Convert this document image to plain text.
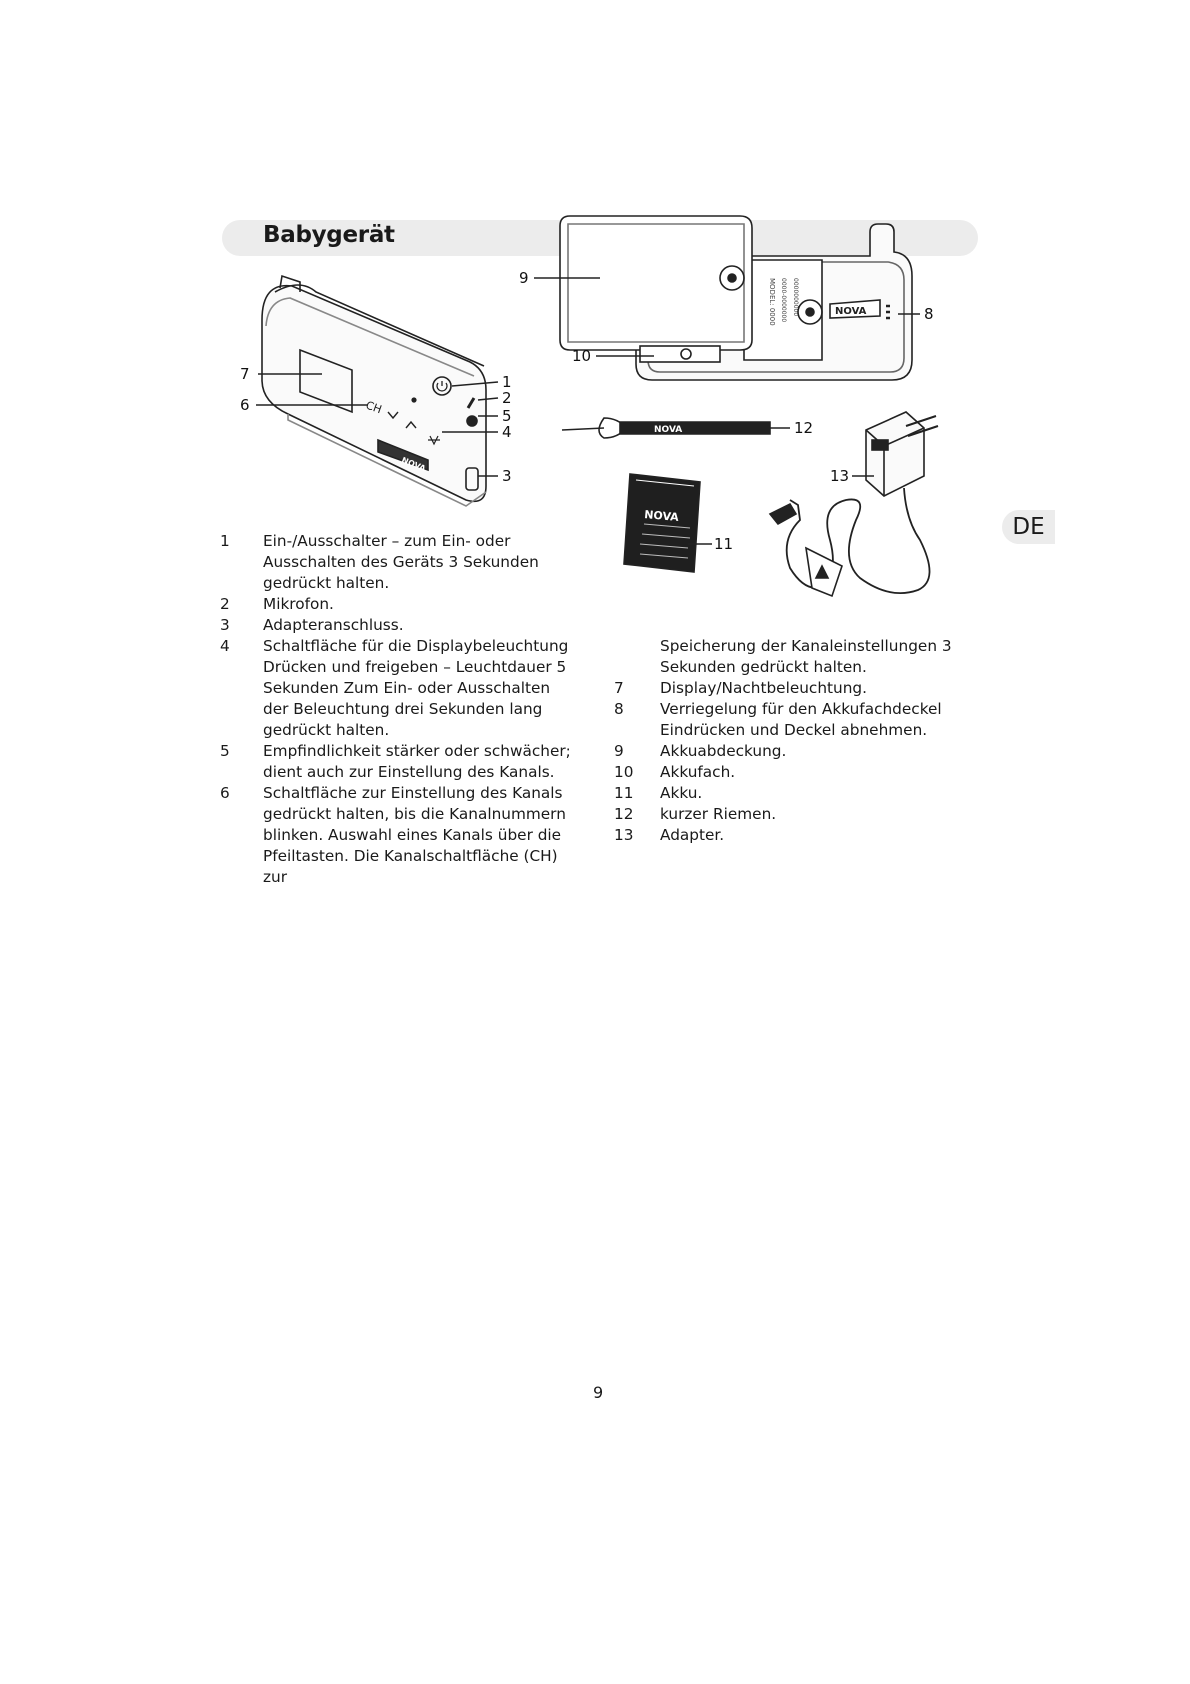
Babygerät
DE
NOVA
CH
MODEL: 0000 0000-0000000 0000000000	NOVA
NOVA
NOVA
7
6
1
2
5
4
3
9
10
8
12
13
11
1 Ein-/Ausschalter – zum Ein- oder Ausschalten des Geräts 3 Sekunden gedrückt halten.
2 Mikrofon.
3 Adapteranschluss.
4 Schaltfläche für die Displaybeleuchtung Drücken und freigeben – Leuchtdauer 5 Sekunden Zum Ein- oder Ausschalten der Beleuchtung drei Sekunden lang gedrückt halten.
5 Empfindlichkeit stärker oder schwächer; dient auch zur Einstellung des Kanals.
6 Schaltfläche zur Einstellung des Kanals gedrückt halten, bis die Kanalnummern blinken. Auswahl eines Kanals über die Pfeiltasten. Die Kanalschaltfläche (CH) zur
Speicherung der Kanaleinstellungen 3 Sekunden gedrückt halten.
7 Display/Nachtbeleuchtung.
8 Verriegelung für den Akkufachdeckel Eindrücken und Deckel abnehmen.
9 Akkuabdeckung.
10 Akkufach.
11 Akku.
12 kurzer Riemen.
13 Adapter.
9
